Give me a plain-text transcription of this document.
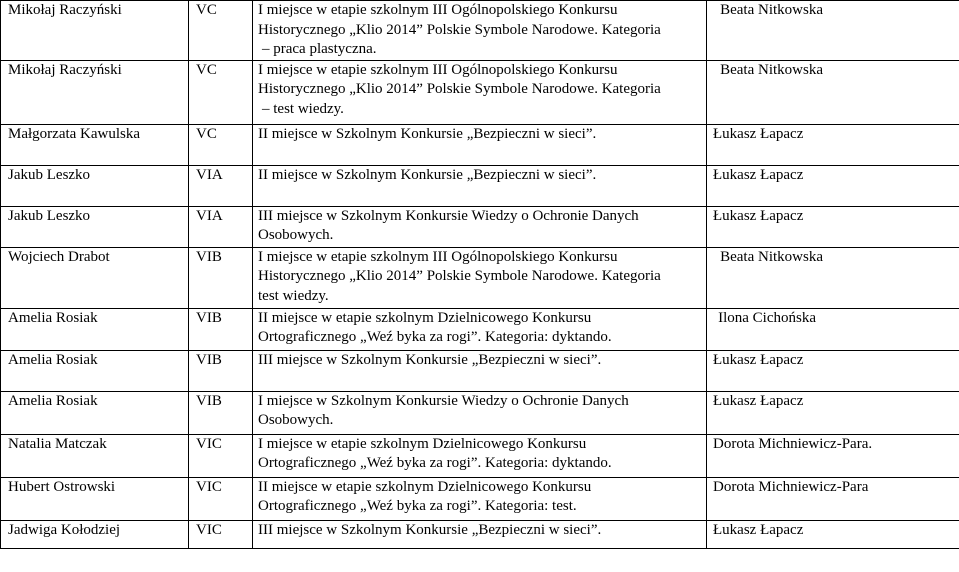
Mikołaj Raczyński	VC	I miejsce w etapie szkolnym III Ogólnopolskiego Konkursu
Historycznego „Klio 2014” Polskie Symbole Narodowe. Kategoria
– praca plastyczna.	Beata Nitkowska
Mikołaj Raczyński	VC	I miejsce w etapie szkolnym III Ogólnopolskiego Konkursu
Historycznego „Klio 2014” Polskie Symbole Narodowe. Kategoria
– test wiedzy.	Beata Nitkowska
Małgorzata Kawulska	VC	II miejsce w Szkolnym Konkursie „Bezpieczni w sieci”.	Łukasz Łapacz
Jakub Leszko	VIA	II miejsce w Szkolnym Konkursie „Bezpieczni w sieci”.	Łukasz Łapacz
Jakub Leszko	VIA	III miejsce w Szkolnym Konkursie Wiedzy o Ochronie Danych
Osobowych.	Łukasz Łapacz
Wojciech Drabot	VIB	I miejsce w etapie szkolnym III Ogólnopolskiego Konkursu
Historycznego „Klio 2014” Polskie Symbole Narodowe. Kategoria
test wiedzy.	Beata Nitkowska
Amelia Rosiak	VIB	II miejsce w etapie szkolnym Dzielnicowego Konkursu
Ortograficznego „Weź byka za rogi”. Kategoria: dyktando.	Ilona Cichońska
Amelia Rosiak	VIB	III miejsce w Szkolnym Konkursie „Bezpieczni w sieci”.	Łukasz Łapacz
Amelia Rosiak	VIB	I miejsce w Szkolnym Konkursie Wiedzy o Ochronie Danych
Osobowych.	Łukasz Łapacz
Natalia Matczak	VIC	I miejsce w etapie szkolnym Dzielnicowego Konkursu
Ortograficznego „Weź byka za rogi”. Kategoria: dyktando.	Dorota Michniewicz-Para.
Hubert Ostrowski	VIC	II miejsce w etapie szkolnym Dzielnicowego Konkursu
Ortograficznego „Weź byka za rogi”. Kategoria: test.	Dorota Michniewicz-Para
Jadwiga Kołodziej	VIC	III miejsce w Szkolnym Konkursie „Bezpieczni w sieci”.	Łukasz Łapacz
